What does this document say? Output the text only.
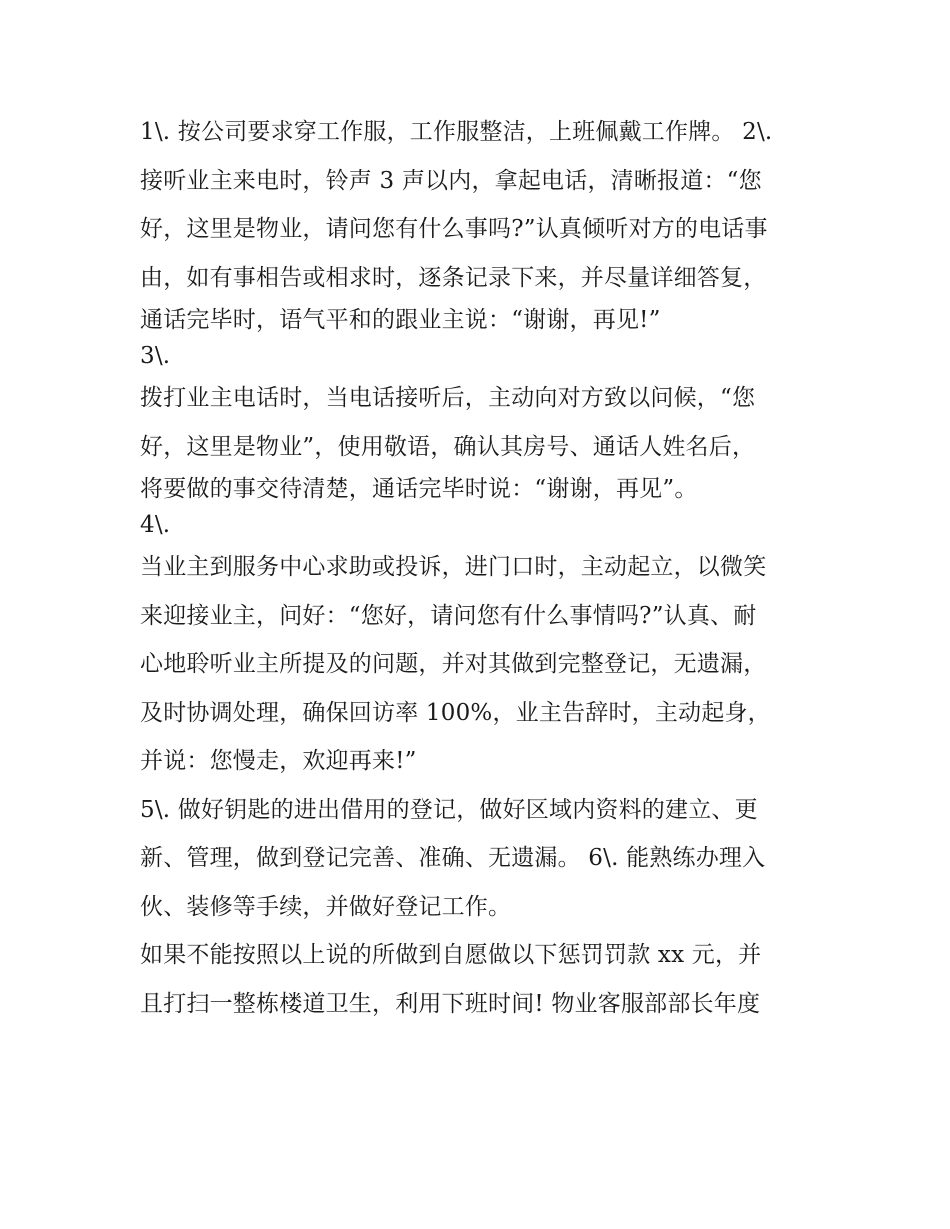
1\. 按公司要求穿工作服，工作服整洁，上班佩戴工作牌。 2\.
接听业主来电时，铃声 3 声以内，拿起电话，清晰报道：“您
好，这里是物业，请问您有什么事吗?”认真倾听对方的电话事
由，如有事相告或相求时，逐条记录下来，并尽量详细答复，
通话完毕时，语气平和的跟业主说：“谢谢，再见!”
3\.
拨打业主电话时，当电话接听后，主动向对方致以问候，“您
好，这里是物业”，使用敬语，确认其房号、通话人姓名后，
将要做的事交待清楚，通话完毕时说：“谢谢，再见”。
4\.
当业主到服务中心求助或投诉，进门口时，主动起立，以微笑
来迎接业主，问好：“您好，请问您有什么事情吗?”认真、耐
心地聆听业主所提及的问题，并对其做到完整登记，无遗漏，
及时协调处理，确保回访率 100%，业主告辞时，主动起身，
并说：您慢走，欢迎再来!”
5\. 做好钥匙的进出借用的登记，做好区域内资料的建立、更
新、管理，做到登记完善、准确、无遗漏。 6\. 能熟练办理入
伙、装修等手续，并做好登记工作。
如果不能按照以上说的所做到自愿做以下惩罚罚款 xx 元，并
且打扫一整栋楼道卫生，利用下班时间! 物业客服部部长年度
